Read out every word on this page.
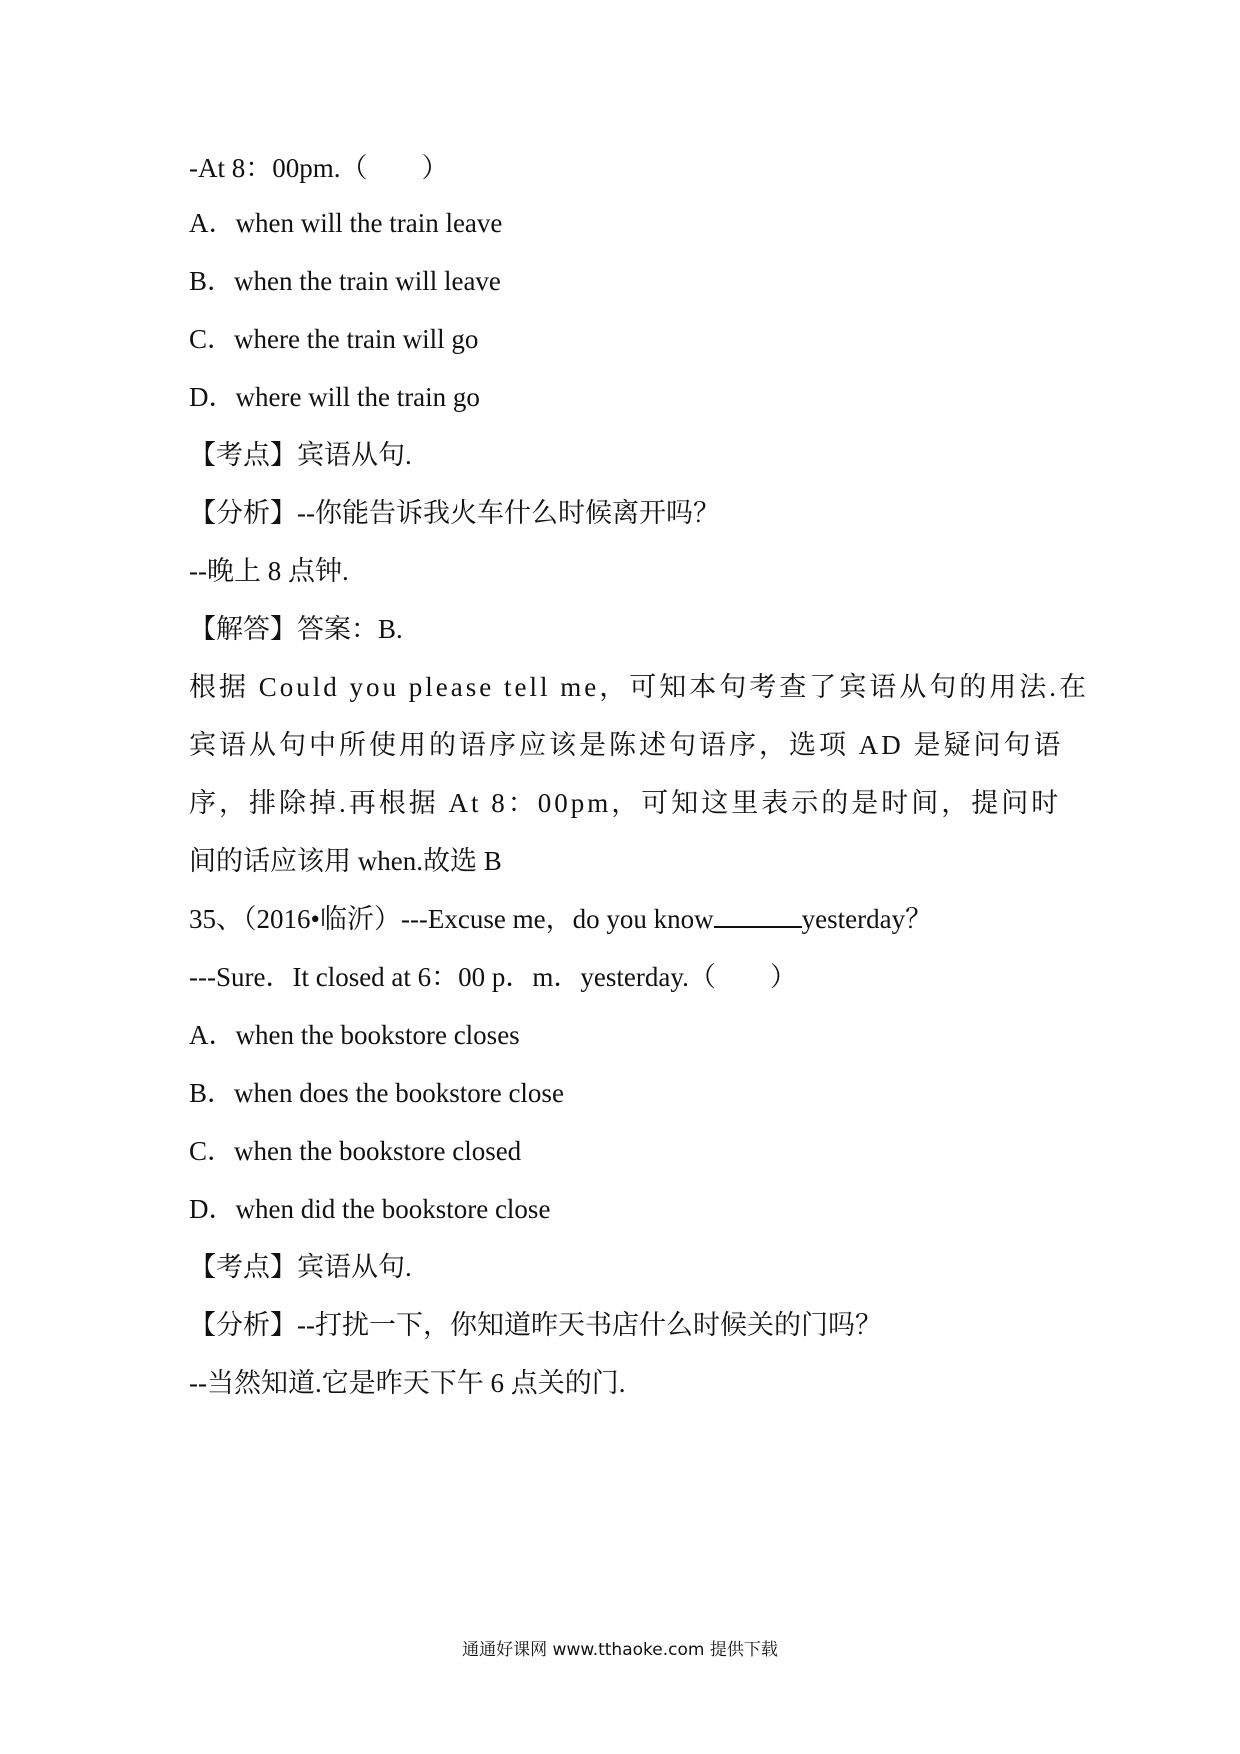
-At 8：00pm.（　　）
A．when will the train leave
B．when the train will leave
C．where the train will go
D．where will the train go
【考点】宾语从句.
【分析】--你能告诉我火车什么时候离开吗？
--晚上 8 点钟.
【解答】答案：B.
根据 Could you please tell me，可知本句考查了宾语从句的用法.在
宾语从句中所使用的语序应该是陈述句语序，选项 AD 是疑问句语
序，排除掉.再根据 At 8：00pm，可知这里表示的是时间，提问时
间的话应该用 when.故选 B
35、（2016•临沂）---Excuse me，do you know	yesterday？
---Sure．It closed at 6：00 p．m．yesterday.（　　）
A．when the bookstore closes
B．when does the bookstore close
C．when the bookstore closed
D．when did the bookstore close
【考点】宾语从句.
【分析】--打扰一下，你知道昨天书店什么时候关的门吗？
--当然知道.它是昨天下午 6 点关的门.
通通好课网 www.tthaoke.com 提供下载
